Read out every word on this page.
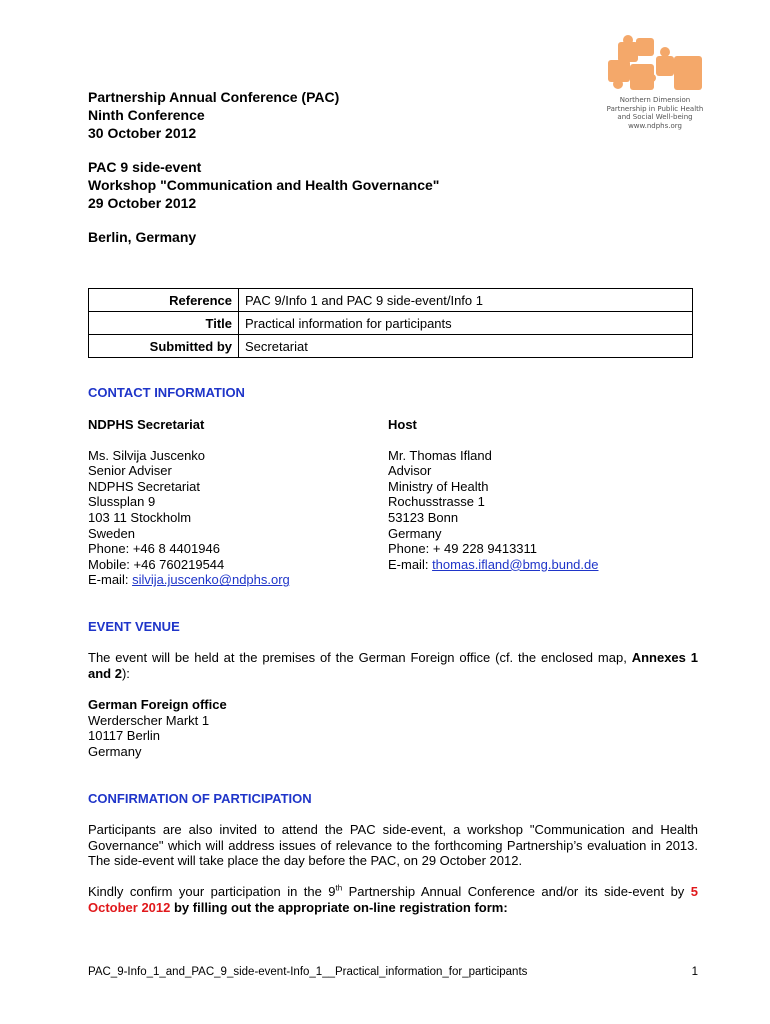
Northern Dimension
Partnership in Public Health
and Social Well-being
www.ndphs.org

Partnership Annual Conference (PAC)

Ninth Conference

30 October 2012

PAC 9 side-event

Workshop "Communication and Health Governance"

29 October 2012

Berlin, Germany

Reference	PAC 9/Info 1 and PAC 9 side-event/Info 1
Title	Practical information for participants
Submitted by	Secretariat
CONTACT INFORMATION
NDPHS Secretariat
Ms. Silvija Juscenko
Senior Adviser
NDPHS Secretariat
Slussplan 9
103 11 Stockholm
Sweden
Phone: +46 8 4401946
Mobile: +46 760219544
E-mail: silvija.juscenko@ndphs.org
Host
Mr. Thomas Ifland
Advisor
Ministry of Health
Rochusstrasse 1
53123 Bonn
Germany
Phone: + 49 228 9413311
E-mail: thomas.ifland@bmg.bund.de
EVENT VENUE
The event will be held at the premises of the German Foreign office (cf. the enclosed map, Annexes 1 and 2):
German Foreign office
Werderscher Markt 1
10117 Berlin
Germany
CONFIRMATION OF PARTICIPATION
Participants are also invited to attend the PAC side-event, a workshop "Communication and Health Governance" which will address issues of relevance to the forthcoming Partnership’s evaluation in 2013. The side-event will take place the day before the PAC, on 29 October 2012.
Kindly confirm your participation in the 9th Partnership Annual Conference and/or its side-event by 5 October 2012 by filling out the appropriate on-line registration form:
PAC_9-Info_1_and_PAC_9_side-event-Info_1__Practical_information_for_participants	1
